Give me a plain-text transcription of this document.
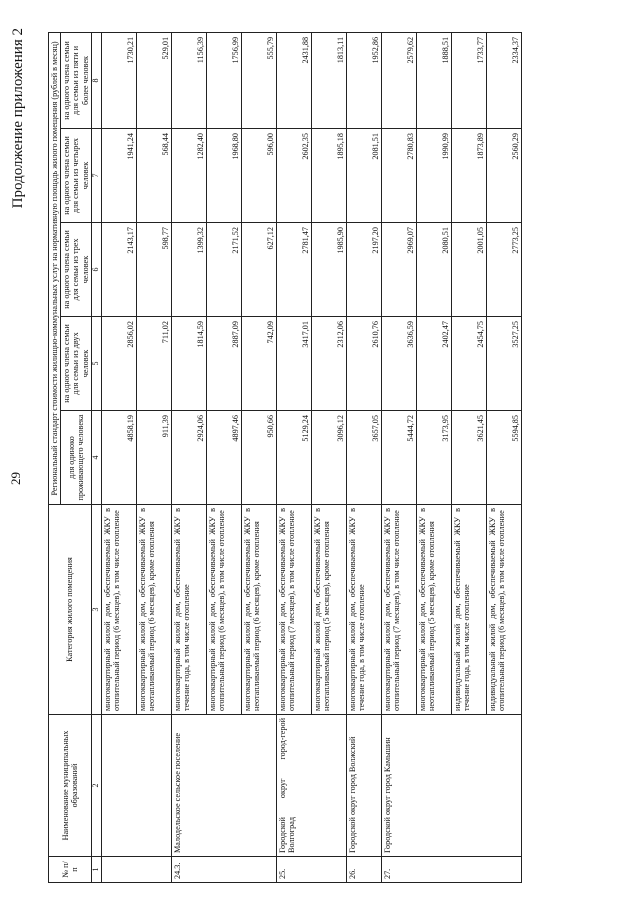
29

Продолжение приложения 2

№ п/п	Наименование муниципальных образований	Категория жилого помещения	Региональный стандарт стоимости жилищно-коммунальных услуг на нормативную площадь жилого помещения (рублей в месяц)				
			для одиноко проживающего человека	на одного члена семьи для семьи из двух человек	на одного члена семьи для семьи из трех человек	на одного члена семьи для семьи из четырех человек	на одного члена семьи для семьи из пяти и более человек
1	2	3	4	5	6	7	8
		многоквартирный жилой дом, обеспечиваемый ЖКУ в отопительный период (6 месяцев), в том числе отопление	4858,19	2856,02	2143,17	1941,24	1730,21
		многоквартирный жилой дом, обеспечиваемый ЖКУ в неотапливаемый период (6 месяцев), кроме отопления	911,39	711,02	598,77	568,44	529,01
24.3.	Малодельское сельское поселение	многоквартирный жилой дом, обеспечиваемый ЖКУ в течение года, в том числе отопление	2924,06	1814,59	1399,32	1282,40	1156,39
		многоквартирный жилой дом, обеспечиваемый ЖКУ в отопительный период (6 месяцев), в том числе отопление	4897,46	2887,09	2171,52	1968,80	1756,99
		многоквартирный жилой дом, обеспечиваемый ЖКУ в неотапливаемый период (6 месяцев), кроме отопления	950,66	742,09	627,12	596,00	555,79
25.	Городской округ город-герой Волгоград	многоквартирный жилой дом, обеспечиваемый ЖКУ в отопительный период (7 месяцев), в том числе отопление	5129,24	3417,01	2781,47	2602,35	2431,88
		многоквартирный жилой дом, обеспечиваемый ЖКУ в неотапливаемый период (5 месяцев), кроме отопления	3096,12	2312,06	1985,90	1895,18	1813,11
26.	Городской округ город Волжский	многоквартирный жилой дом, обеспечиваемый ЖКУ в течение года, в том числе отопление	3657,05	2610,76	2197,20	2081,51	1952,86
27.	Городской округ город Камышин	многоквартирный жилой дом, обеспечиваемый ЖКУ в отопительный период (7 месяцев), в том числе отопление	5444,72	3636,59	2969,07	2780,83	2579,62
		многоквартирный жилой дом, обеспечиваемый ЖКУ в неотапливаемый период (5 месяцев), кроме отопления	3173,95	2402,47	2080,51	1990,99	1888,51
		индивидуальный жилой дом, обеспечиваемый ЖКУ в течение года, в том числе отопление	3621,45	2454,75	2001,05	1873,89	1733,77
		индивидуальный жилой дом, обеспечиваемый ЖКУ в отопительный период (6 месяцев), в том числе отопление	5594,85	3527,25	2773,25	2560,29	2334,37
